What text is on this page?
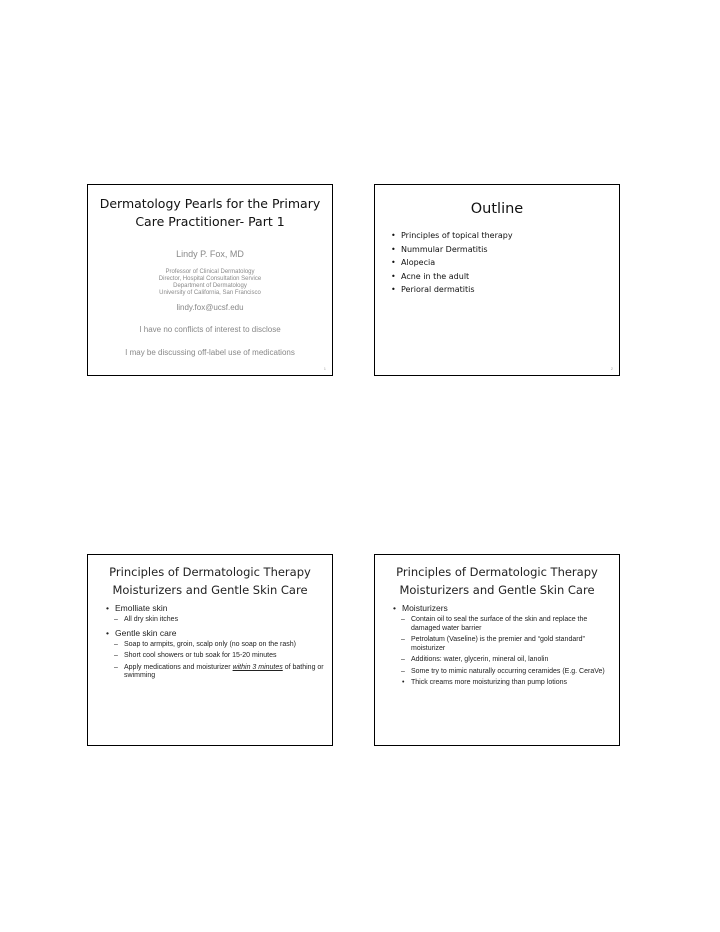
Dermatology Pearls for the Primary Care Practitioner- Part 1
Lindy P. Fox, MD
Professor of Clinical Dermatology
Director, Hospital Consultation Service
Department of Dermatology
University of California, San Francisco
lindy.fox@ucsf.edu
I have no conflicts of interest to disclose
I may be discussing off-label use of medications
1
Outline
• Principles of topical therapy
• Nummular Dermatitis
• Alopecia
• Acne in the adult
• Perioral dermatitis
2
Principles of Dermatologic Therapy
Moisturizers and Gentle Skin Care
• Emolliate skin
– All dry skin itches
• Gentle skin care
– Soap to armpits, groin, scalp only (no soap on the rash)
– Short cool showers or tub soak for 15-20 minutes
– Apply medications and moisturizer within 3 minutes of bathing or swimming
Principles of Dermatologic Therapy
Moisturizers and Gentle Skin Care
• Moisturizers
– Contain oil to seal the surface of the skin and replace the damaged water barrier
– Petrolatum (Vaseline) is the premier and “gold standard” moisturizer
– Additions: water, glycerin, mineral oil, lanolin
– Some try to mimic naturally occurring ceramides (E.g. CeraVe)
• Thick creams more moisturizing than pump lotions
